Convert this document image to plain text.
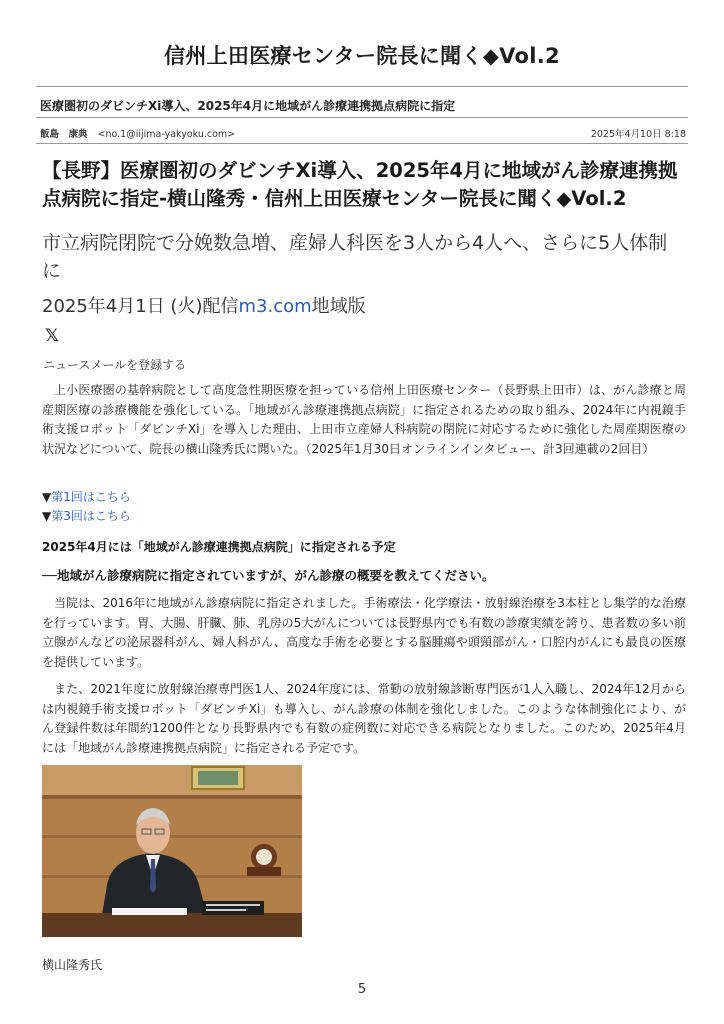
信州上田医療センター院長に聞く◆Vol.2
医療圏初のダビンチXi導入、2025年4月に地域がん診療連携拠点病院に指定
飯島　康典 <no.1@iijima-yakyoku.com>	2025年4月10日 8:18
【長野】医療圏初のダビンチXi導入、2025年4月に地域がん診療連携拠点病院に指定-横山隆秀・信州上田医療センター院長に聞く◆Vol.2
市立病院閉院で分娩数急増、産婦人科医を3人から4人へ、さらに5人体制に
2025年4月1日 (火)配信m3.com地域版
𝕏
ニュースメールを登録する
上小医療圏の基幹病院として高度急性期医療を担っている信州上田医療センター（長野県上田市）は、がん診療と周産期医療の診療機能を強化している。「地域がん診療連携拠点病院」に指定されるための取り組み、2024年に内視鏡手術支援ロボット「ダビンチXi」を導入した理由、上田市立産婦人科病院の閉院に対応するために強化した周産期医療の状況などについて、院長の横山隆秀氏に聞いた。（2025年1月30日オンラインインタビュー、計3回連載の2回目）
▼第1回はこちら
▼第3回はこちら
2025年4月には「地域がん診療連携拠点病院」に指定される予定
──地域がん診療病院に指定されていますが、がん診療の概要を教えてください。
当院は、2016年に地域がん診療病院に指定されました。手術療法・化学療法・放射線治療を3本柱とし集学的な治療を行っています。胃、大腸、肝臓、肺、乳房の5大がんについては長野県内でも有数の診療実績を誇り、患者数の多い前立腺がんなどの泌尿器科がん、婦人科がん、高度な手術を必要とする脳腫瘍や頭頸部がん・口腔内がんにも最良の医療を提供しています。
また、2021年度に放射線治療専門医1人、2024年度には、常勤の放射線診断専門医が1人入職し、2024年12月からは内視鏡手術支援ロボット「ダビンチXi」も導入し、がん診療の体制を強化しました。このような体制強化により、がん登録件数は年間約1200件となり長野県内でも有数の症例数に対応できる病院となりました。このため、2025年4月には「地域がん診療連携拠点病院」に指定される予定です。
横山隆秀氏
5
